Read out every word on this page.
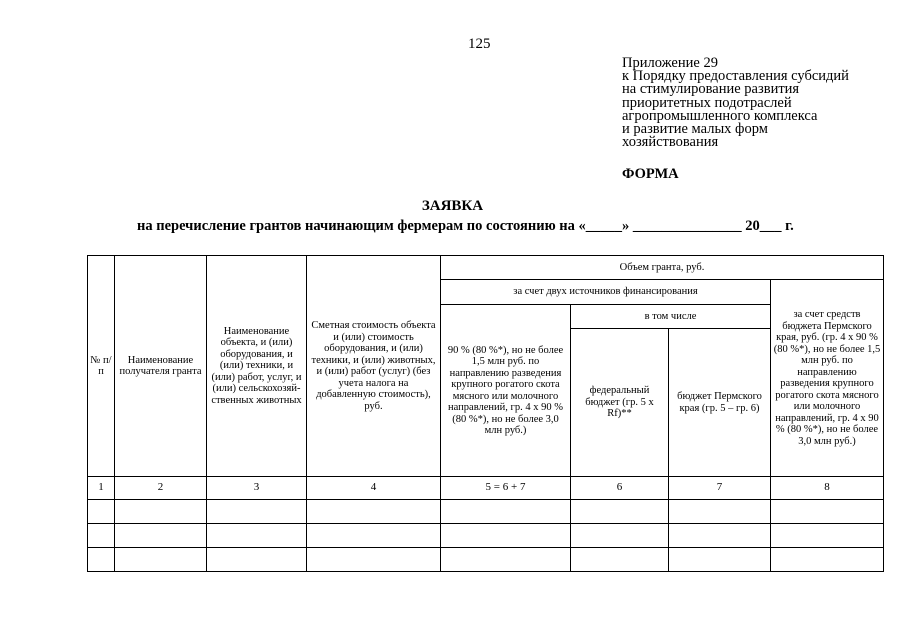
125
Приложение 29
к Порядку предоставления субсидий
на стимулирование развития
приоритетных подотраслей
агропромышленного комплекса
и развитие малых форм
хозяйствования
ФОРМА
ЗАЯВКА
на перечисление грантов начинающим фермерам по состоянию на «_____» _______________ 20___ г.
№ п/п	Наименование получателя гранта	Наименование объекта, и (или) оборудования, и (или) техники, и (или) работ, услуг, и (или) сельскохозяй-ственных животных	Сметная стоимость объекта и (или) стоимость оборудования, и (или) техники, и (или) животных, и (или) работ (услуг) (без учета налога на добавленную стоимость), руб.	Объем гранта, руб.			
				за счет двух источников финансирования			за счет средств бюджета Пермского края, руб. (гр. 4 х 90 % (80 %*), но не более 1,5 млн руб. по направлению разведения крупного рогатого скота мясного или молочного направлений, гр. 4 х 90 % (80 %*), но не более 3,0 млн руб.)
				90 % (80 %*), но не более 1,5 млн руб. по направлению разведения крупного рогатого скота мясного или молочного направлений, гр. 4 х 90 % (80 %*), но не более 3,0 млн руб.)	в том числе		
					федеральный бюджет (гр. 5 х Rf)**	бюджет Пермского края (гр. 5 – гр. 6)	
1	2	3	4	5 = 6 + 7	6	7	8
